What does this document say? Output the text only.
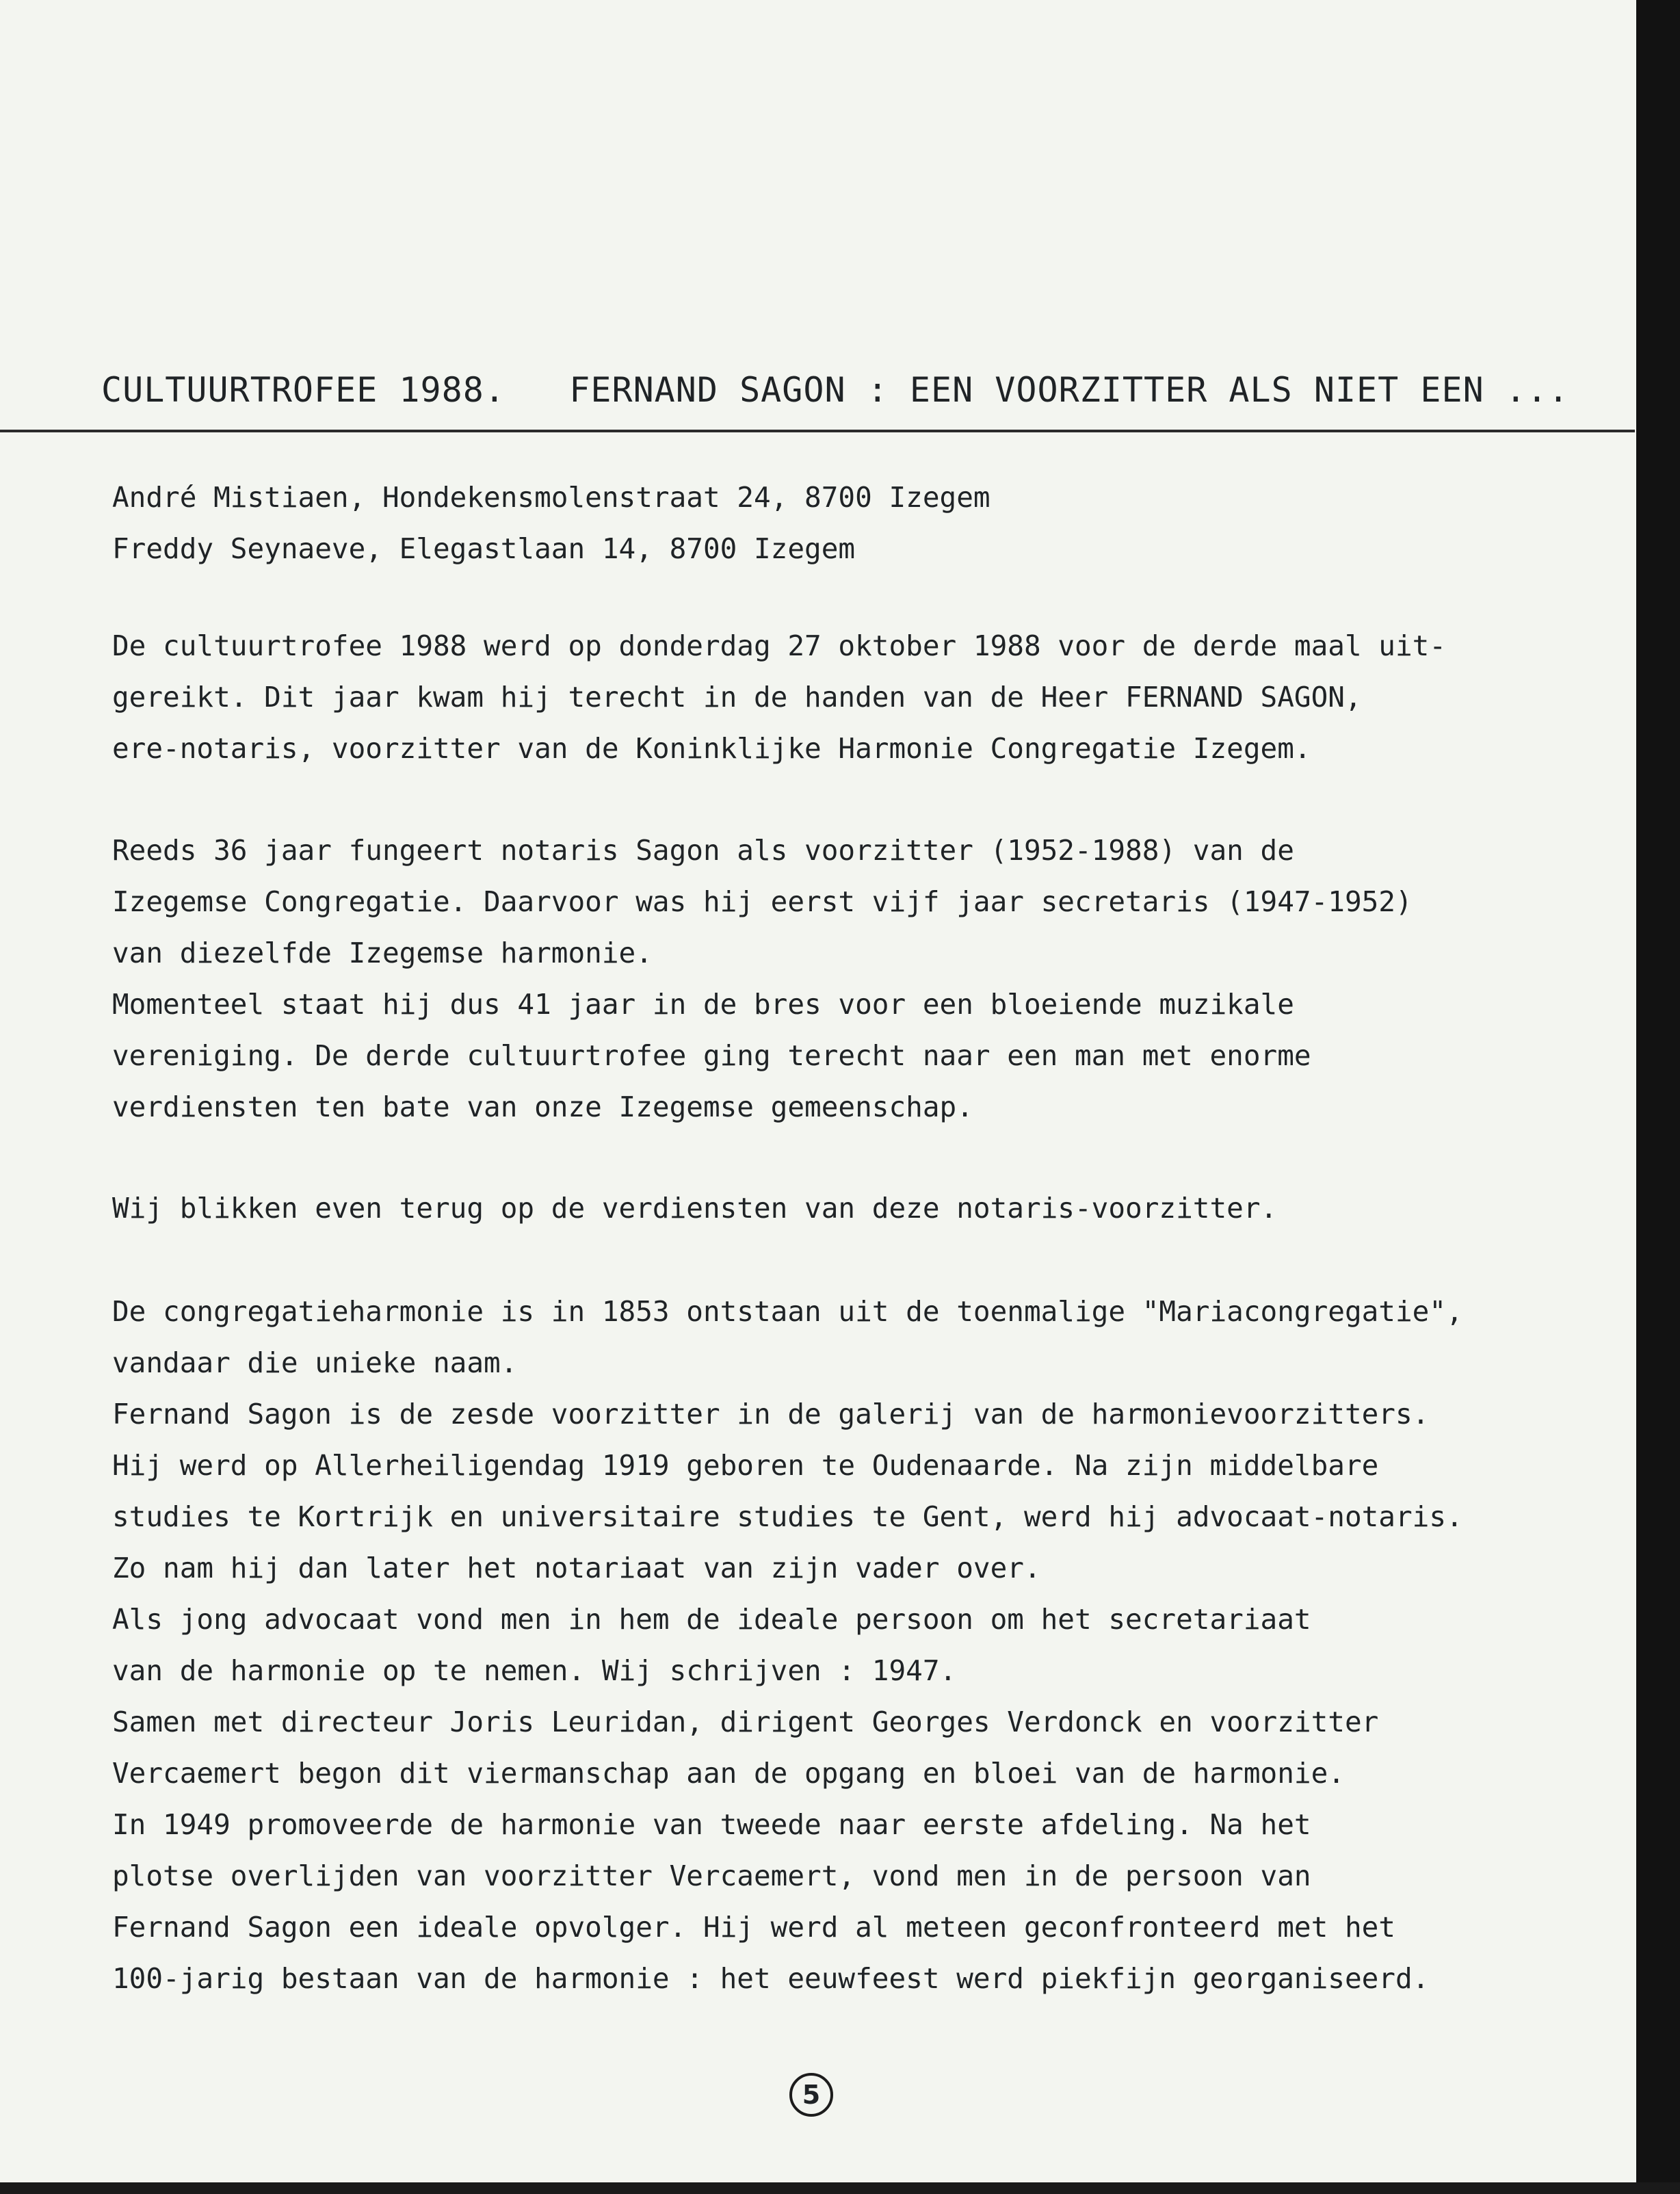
CULTUURTROFEE 1988.   FERNAND SAGON : EEN VOORZITTER ALS NIET EEN ...
André Mistiaen, Hondekensmolenstraat 24, 8700 Izegem
Freddy Seynaeve, Elegastlaan 14, 8700 Izegem
De cultuurtrofee 1988 werd op donderdag 27 oktober 1988 voor de derde maal uit-
gereikt. Dit jaar kwam hij terecht in de handen van de Heer FERNAND SAGON,
ere-notaris, voorzitter van de Koninklijke Harmonie Congregatie Izegem.
Reeds 36 jaar fungeert notaris Sagon als voorzitter (1952-1988) van de
Izegemse Congregatie. Daarvoor was hij eerst vijf jaar secretaris (1947-1952)
van diezelfde Izegemse harmonie.
Momenteel staat hij dus 41 jaar in de bres voor een bloeiende muzikale
vereniging. De derde cultuurtrofee ging terecht naar een man met enorme
verdiensten ten bate van onze Izegemse gemeenschap.
Wij blikken even terug op de verdiensten van deze notaris-voorzitter.
De congregatieharmonie is in 1853 ontstaan uit de toenmalige "Mariacongregatie",
vandaar die unieke naam.
Fernand Sagon is de zesde voorzitter in de galerij van de harmonievoorzitters.
Hij werd op Allerheiligendag 1919 geboren te Oudenaarde. Na zijn middelbare
studies te Kortrijk en universitaire studies te Gent, werd hij advocaat-notaris.
Zo nam hij dan later het notariaat van zijn vader over.
Als jong advocaat vond men in hem de ideale persoon om het secretariaat
van de harmonie op te nemen. Wij schrijven : 1947.
Samen met directeur Joris Leuridan, dirigent Georges Verdonck en voorzitter
Vercaemert begon dit viermanschap aan de opgang en bloei van de harmonie.
In 1949 promoveerde de harmonie van tweede naar eerste afdeling. Na het
plotse overlijden van voorzitter Vercaemert, vond men in de persoon van
Fernand Sagon een ideale opvolger. Hij werd al meteen geconfronteerd met het
100-jarig bestaan van de harmonie : het eeuwfeest werd piekfijn georganiseerd.
5
